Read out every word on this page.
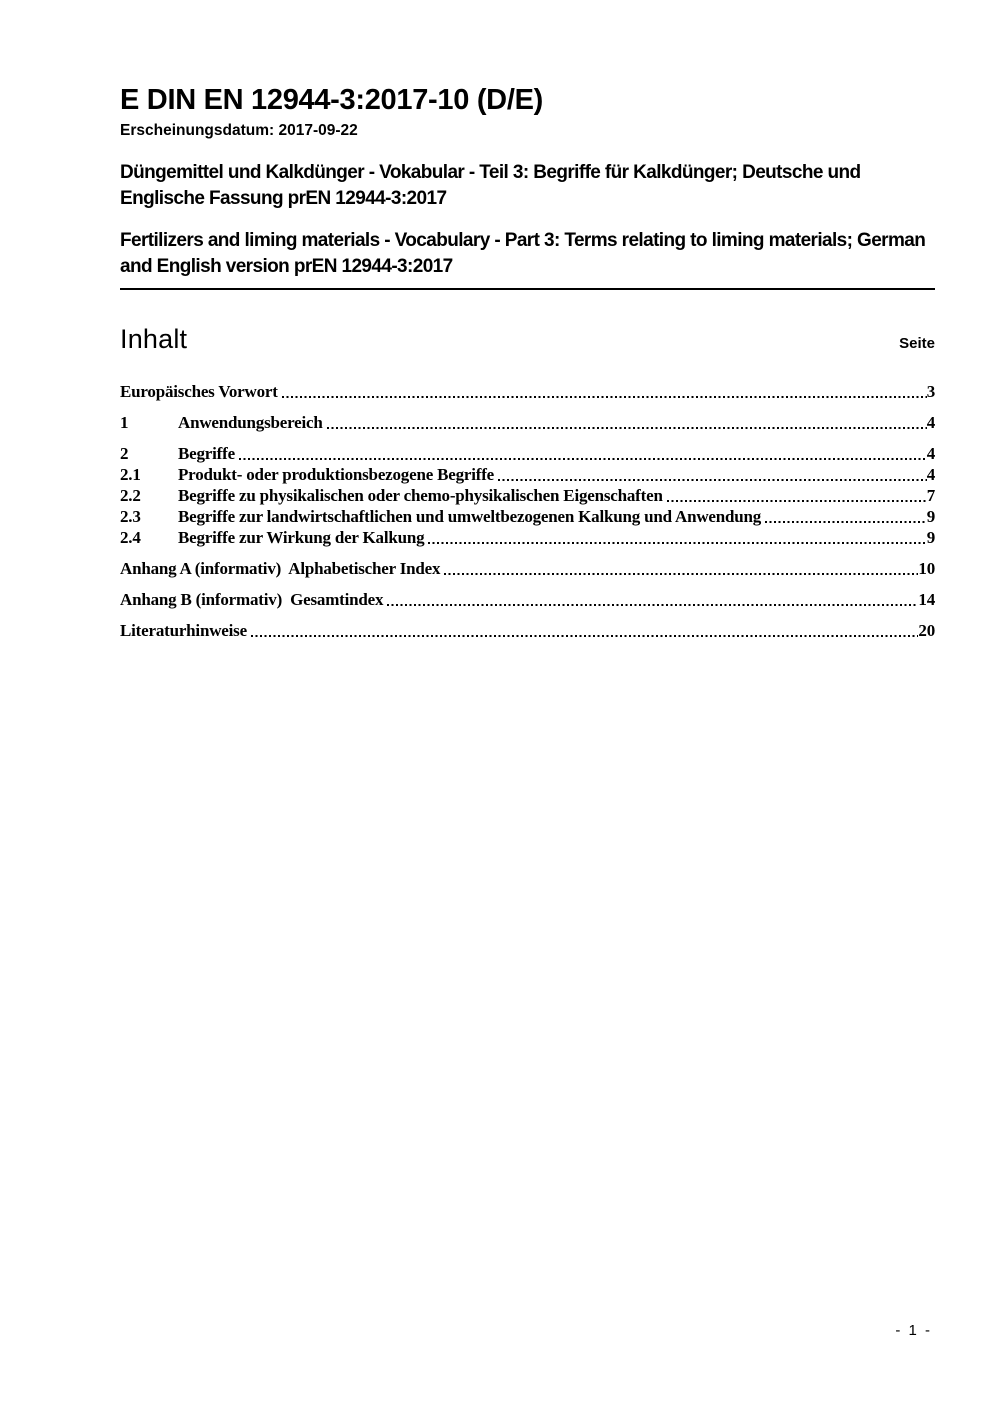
E DIN EN 12944-3:2017-10 (D/E)
Erscheinungsdatum: 2017-09-22
Düngemittel und Kalkdünger - Vokabular - Teil 3: Begriffe für Kalkdünger; Deutsche und Englische Fassung prEN 12944-3:2017
Fertilizers and liming materials - Vocabulary - Part 3: Terms relating to liming materials; German and English version prEN 12944-3:2017
Inhalt	Seite
Europäisches Vorwort	3
1	Anwendungsbereich	4
2	Begriffe	4
2.1	Produkt- oder produktionsbezogene Begriffe	4
2.2	Begriffe zu physikalischen oder chemo-physikalischen Eigenschaften	7
2.3	Begriffe zur landwirtschaftlichen und umweltbezogenen Kalkung und Anwendung	9
2.4	Begriffe zur Wirkung der Kalkung	9
Anhang A (informativ)  Alphabetischer Index	10
Anhang B (informativ)  Gesamtindex	14
Literaturhinweise	20
- 1 -
